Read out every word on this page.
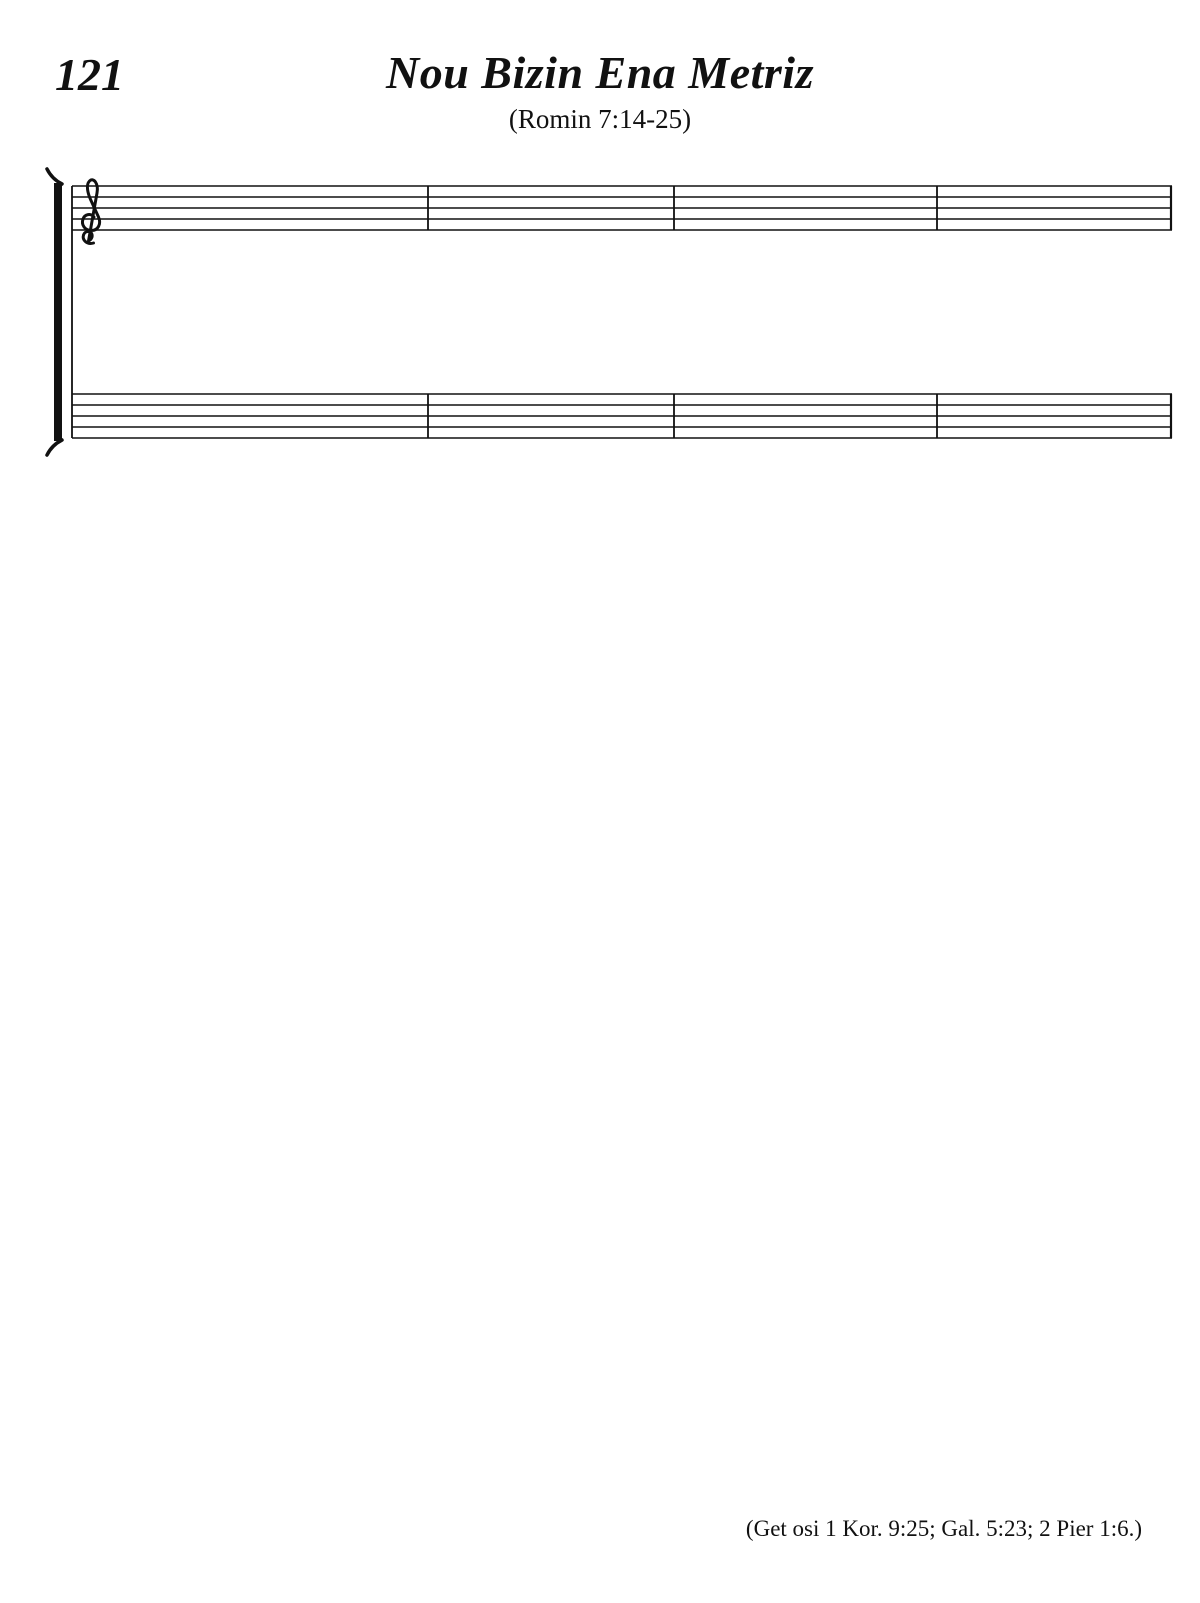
121	Nou Bizin Ena Metriz
(Romin 7:14-25)
(Get osi 1 Kor. 9:25; Gal. 5:23; 2 Pier 1:6.)
